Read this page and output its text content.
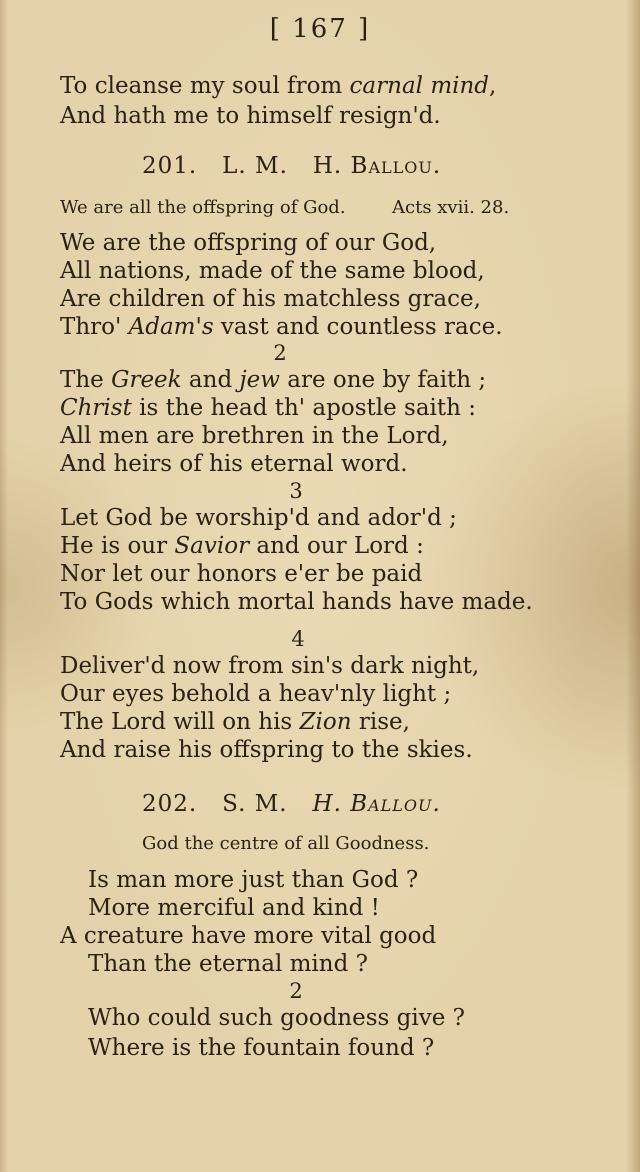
[ 167 ]
To cleanse my soul from carnal mind,
And hath me to himself resign'd.
201. L. M. H. Ballou.
We are all the offspring of God.	Acts xvii. 28.
We are the offspring of our God,
All nations, made of the same blood,
Are children of his matchless grace,
Thro' Adam's vast and countless race.
2
The Greek and jew are one by faith ;
Christ is the head th' apostle saith :
All men are brethren in the Lord,
And heirs of his eternal word.
3
Let God be worship'd and ador'd ;
He is our Savior and our Lord :
Nor let our honors e'er be paid
To Gods which mortal hands have made.
4
Deliver'd now from sin's dark night,
Our eyes behold a heav'nly light ;
The Lord will on his Zion rise,
And raise his offspring to the skies.
202. S. M. H. Ballou.
God the centre of all Goodness.
Is man more just than God ?
More merciful and kind !
A creature have more vital good
Than the eternal mind ?
2
Who could such goodness give ?
Where is the fountain found ?
